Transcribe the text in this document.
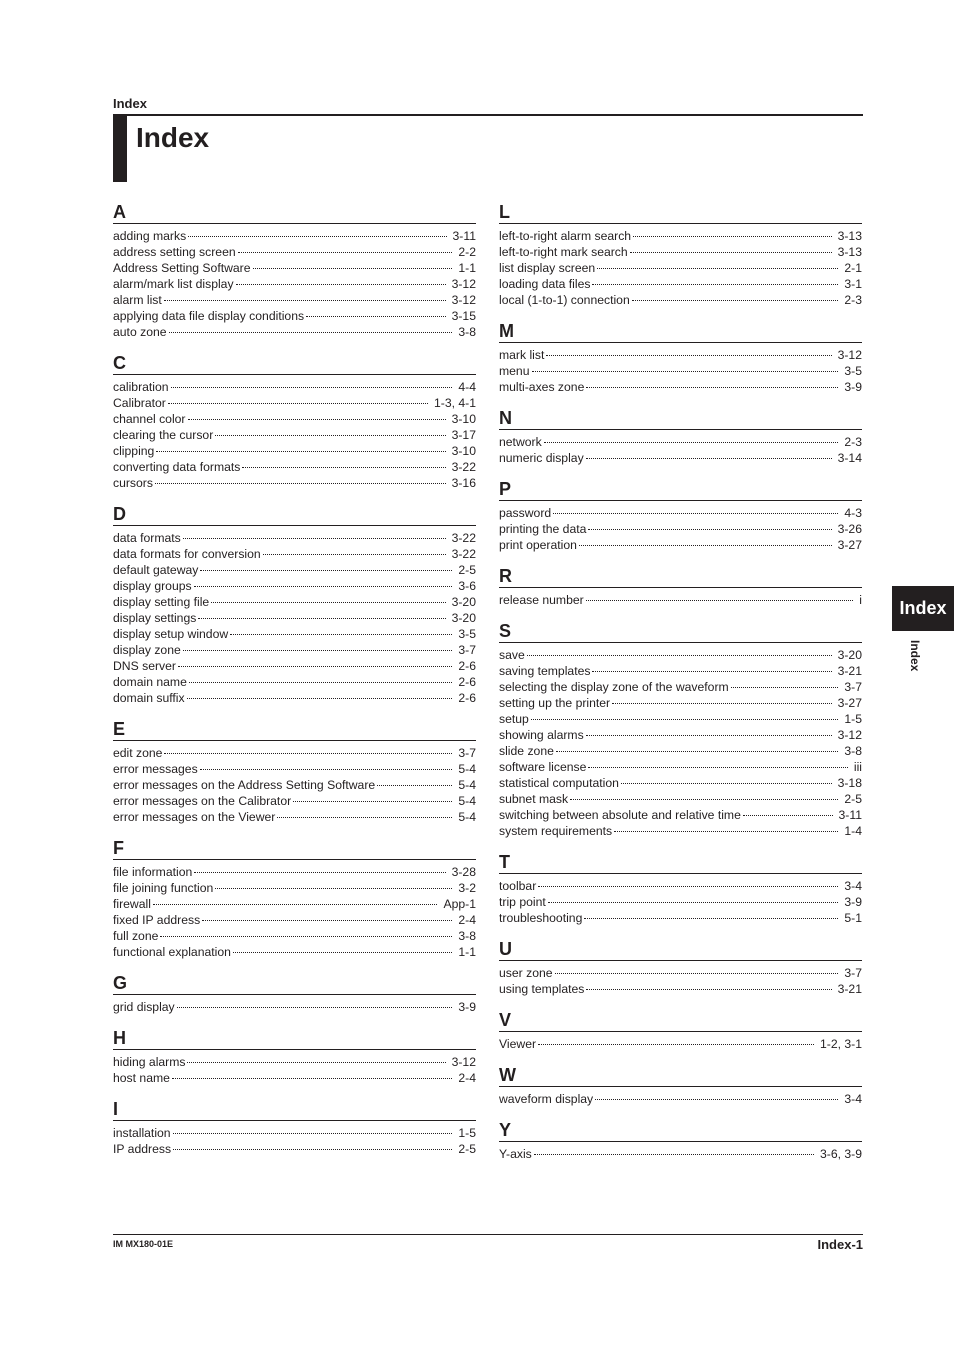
Index
Index
A
adding marks	3-11
address setting screen	2-2
Address Setting Software	1-1
alarm/mark list display	3-12
alarm list	3-12
applying data file display conditions	3-15
auto zone	3-8
C
calibration	4-4
Calibrator	1-3, 4-1
channel color	3-10
clearing the cursor	3-17
clipping	3-10
converting data formats	3-22
cursors	3-16
D
data formats	3-22
data formats for conversion	3-22
default gateway	2-5
display groups	3-6
display setting file	3-20
display settings	3-20
display setup window	3-5
display zone	3-7
DNS server	2-6
domain name	2-6
domain suffix	2-6
E
edit zone	3-7
error messages	5-4
error messages on the Address Setting Software	5-4
error messages on the Calibrator	5-4
error messages on the Viewer	5-4
F
file information	3-28
file joining function	3-2
firewall	App-1
fixed IP address	2-4
full zone	3-8
functional explanation	1-1
G
grid display	3-9
H
hiding alarms	3-12
host name	2-4
I
installation	1-5
IP address	2-5
L
left-to-right alarm search	3-13
left-to-right mark search	3-13
list display screen	2-1
loading data files	3-1
local (1-to-1) connection	2-3
M
mark list	3-12
menu	3-5
multi-axes zone	3-9
N
network	2-3
numeric display	3-14
P
password	4-3
printing the data	3-26
print operation	3-27
R
release number	i
S
save	3-20
saving templates	3-21
selecting the display zone of the waveform	3-7
setting up the printer	3-27
setup	1-5
showing alarms	3-12
slide zone	3-8
software license	iii
statistical computation	3-18
subnet mask	2-5
switching between absolute and relative time	3-11
system requirements	1-4
T
toolbar	3-4
trip point	3-9
troubleshooting	5-1
U
user zone	3-7
using templates	3-21
V
Viewer	1-2, 3-1
W
waveform display	3-4
Y
Y-axis	3-6, 3-9
Index
Index
IM MX180-01E	Index-1
